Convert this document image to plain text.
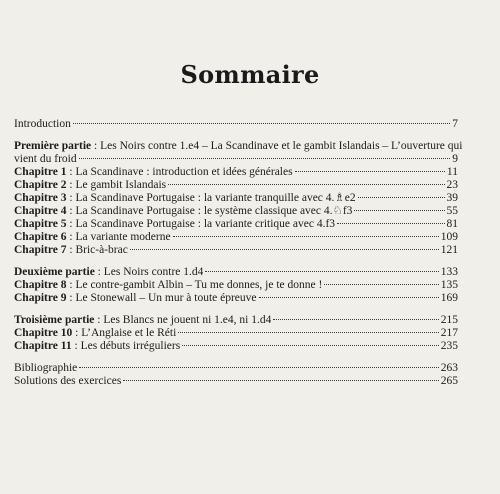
Sommaire
Introduction	7
Première partie : Les Noirs contre 1.e4 – La Scandinave et le gambit Islandais – L’ouverture qui
vient du froid	9
Chapitre 1 : La Scandinave : introduction et idées générales	11
Chapitre 2 : Le gambit Islandais	23
Chapitre 3 : La Scandinave Portugaise : la variante tranquille avec 4.♗e2	39
Chapitre 4 : La Scandinave Portugaise : le système classique avec 4.♘f3	55
Chapitre 5 : La Scandinave Portugaise : la variante critique avec 4.f3	81
Chapitre 6 : La variante moderne	109
Chapitre 7 : Bric-à-brac	121
Deuxième partie : Les Noirs contre 1.d4	133
Chapitre 8 : Le contre-gambit Albin – Tu me donnes, je te donne !	135
Chapitre 9 : Le Stonewall – Un mur à toute épreuve	169
Troisième partie : Les Blancs ne jouent ni 1.e4, ni 1.d4	215
Chapitre 10 : L’Anglaise et le Réti	217
Chapitre 11 : Les débuts irréguliers	235
Bibliographie	263
Solutions des exercices	265
